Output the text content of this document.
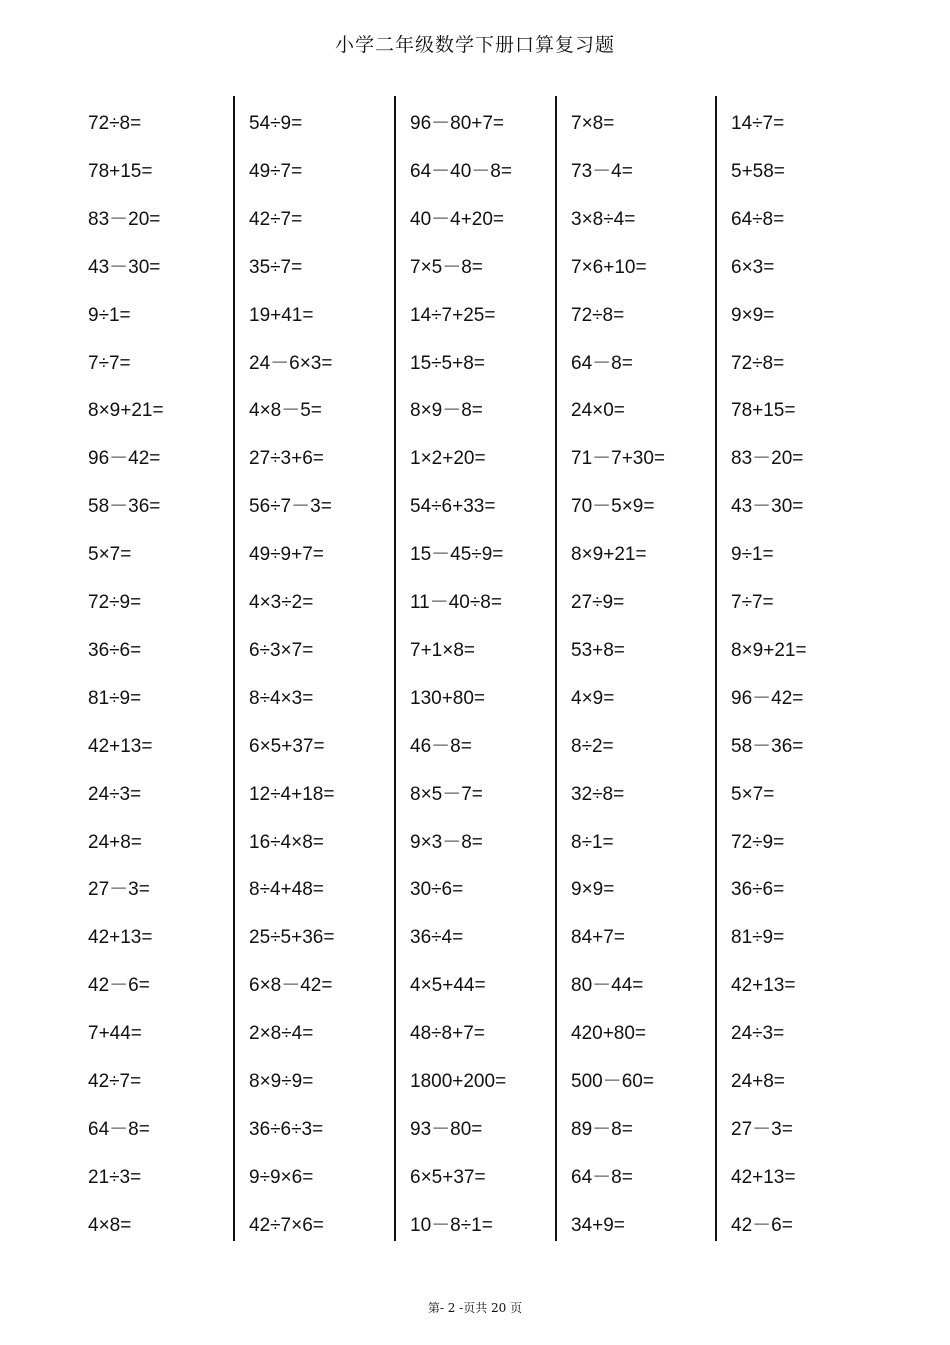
小学二年级数学下册口算复习题
72÷8=
78+15=
83－20=
43－30=
9÷1=
7÷7=
8×9+21=
96－42=
58－36=
5×7=
72÷9=
36÷6=
81÷9=
42+13=
24÷3=
24+8=
27－3=
42+13=
42－6=
7+44=
42÷7=
64－8=
21÷3=
4×8=
54÷9=
49÷7=
42÷7=
35÷7=
19+41=
24－6×3=
4×8－5=
27÷3+6=
56÷7－3=
49÷9+7=
4×3÷2=
6÷3×7=
8÷4×3=
6×5+37=
12÷4+18=
16÷4×8=
8÷4+48=
25÷5+36=
6×8－42=
2×8÷4=
8×9÷9=
36÷6÷3=
9÷9×6=
42÷7×6=
96－80+7=
64－40－8=
40－4+20=
7×5－8=
14÷7+25=
15÷5+8=
8×9－8=
1×2+20=
54÷6+33=
15－45÷9=
11－40÷8=
7+1×8=
130+80=
46－8=
8×5－7=
9×3－8=
30÷6=
36÷4=
4×5+44=
48÷8+7=
1800+200=
93－80=
6×5+37=
10－8÷1=
7×8=
73－4=
3×8÷4=
7×6+10=
72÷8=
64－8=
24×0=
71－7+30=
70－5×9=
8×9+21=
27÷9=
53+8=
4×9=
8÷2=
32÷8=
8÷1=
9×9=
84+7=
80－44=
420+80=
500－60=
89－8=
64－8=
34+9=
14÷7=
5+58=
64÷8=
6×3=
9×9=
72÷8=
78+15=
83－20=
43－30=
9÷1=
7÷7=
8×9+21=
96－42=
58－36=
5×7=
72÷9=
36÷6=
81÷9=
42+13=
24÷3=
24+8=
27－3=
42+13=
42－6=
第- 2 -页共 20 页
